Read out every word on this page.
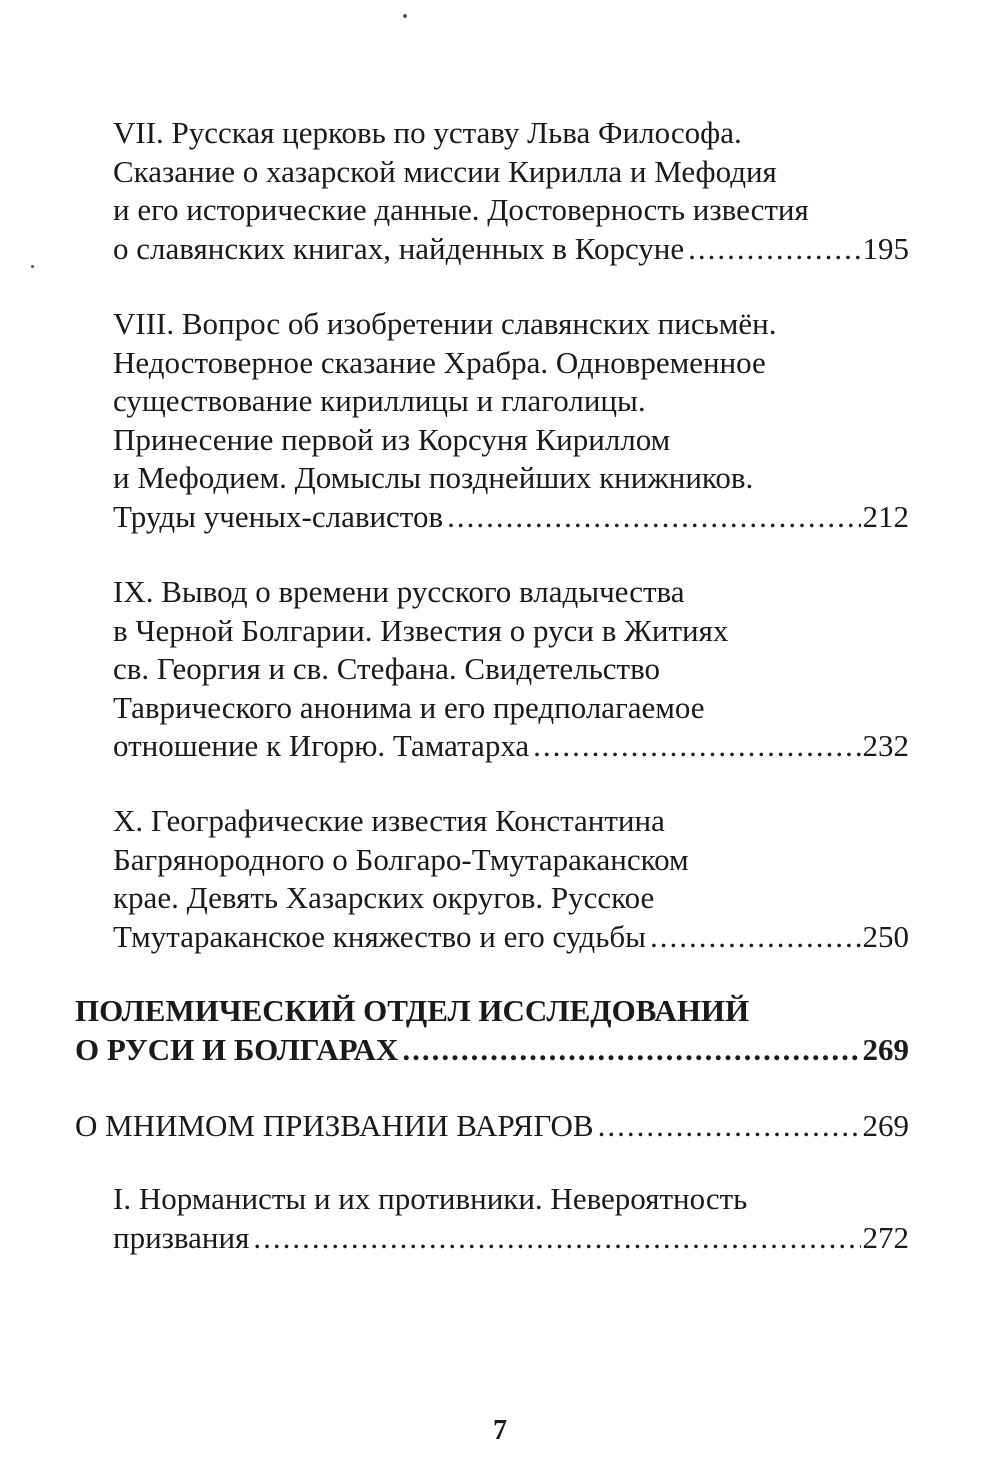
VII. Русская церковь по уставу Льва Философа.
Сказание о хазарской миссии Кирилла и Мефодия
и его исторические данные. Достоверность известия
о славянских книгах, найденных в Корсуне .....	195
VIII. Вопрос об изобретении славянских письмён.
Недостоверное сказание Храбра. Одновременное
существование кириллицы и глаголицы.
Принесение первой из Корсуня Кириллом
и Мефодием. Домыслы позднейших книжников.
Труды ученых-славистов .....	212
IX. Вывод о времени русского владычества
в Черной Болгарии. Известия о руси в Житиях
св. Георгия и св. Стефана. Свидетельство
Таврического анонима и его предполагаемое
отношение к Игорю. Таматарха .....	232
X. Географические известия Константина
Багрянородного о Болгаро-Тмутараканском
крае. Девять Хазарских округов. Русское
Тмутараканское княжество и его судьбы .....	250
ПОЛЕМИЧЕСКИЙ ОТДЕЛ ИССЛЕДОВАНИЙ
О РУСИ И БОЛГАРАХ .....	269
О МНИМОМ ПРИЗВАНИИ ВАРЯГОВ .....	269
I. Норманисты и их противники. Невероятность
призвания .....	272
7
